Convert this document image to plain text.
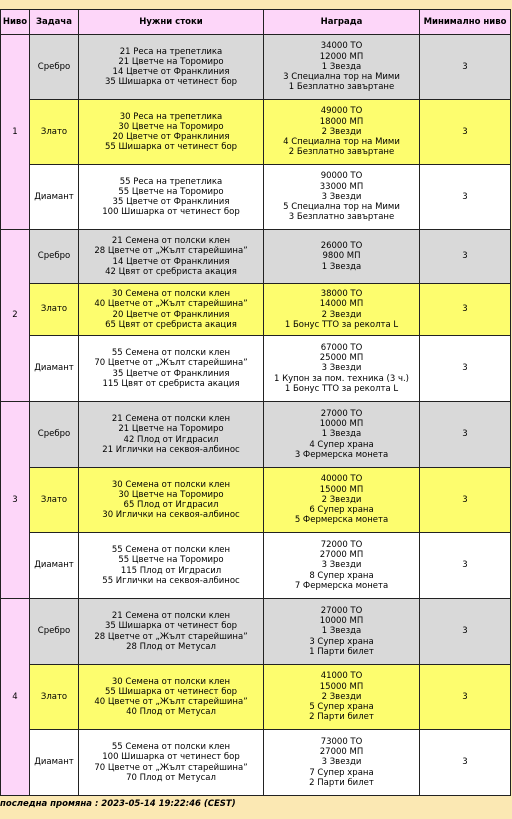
Ниво	Задача	Нужни стоки	Награда	Минимално ниво
1	Сребро	21 Реса на трепетлика
21 Цветче на Торомиро
14 Цветче от Франклиния
35 Шишарка от четинест бор	34000 ТО
12000 МП
1 Звезда
3 Специална тор на Мими
1 Безплатно завъртане	3
	Злато	30 Реса на трепетлика
30 Цветче на Торомиро
20 Цветче от Франклиния
55 Шишарка от четинест бор	49000 ТО
18000 МП
2 Звезди
4 Специална тор на Мими
2 Безплатно завъртане	3
	Диамант	55 Реса на трепетлика
55 Цветче на Торомиро
35 Цветче от Франклиния
100 Шишарка от четинест бор	90000 ТО
33000 МП
3 Звезди
5 Специална тор на Мими
3 Безплатно завъртане	3
2	Сребро	21 Семена от полски клен
28 Цветче от „Жълт старейшина”
14 Цветче от Франклиния
42 Цвят от сребриста акация	26000 ТО
9800 МП
1 Звезда	3
	Злато	30 Семена от полски клен
40 Цветче от „Жълт старейшина”
20 Цветче от Франклиния
65 Цвят от сребриста акация	38000 ТО
14000 МП
2 Звезди
1 Бонус ТТО за реколта L	3
	Диамант	55 Семена от полски клен
70 Цветче от „Жълт старейшина”
35 Цветче от Франклиния
115 Цвят от сребриста акация	67000 ТО
25000 МП
3 Звезди
1 Купон за пом. техника (3 ч.)
1 Бонус ТТО за реколта L	3
3	Сребро	21 Семена от полски клен
21 Цветче на Торомиро
42 Плод от Игдрасил
21 Иглички на секвоя-албинос	27000 ТО
10000 МП
1 Звезда
4 Супер храна
3 Фермерска монета	3
	Злато	30 Семена от полски клен
30 Цветче на Торомиро
65 Плод от Игдрасил
30 Иглички на секвоя-албинос	40000 ТО
15000 МП
2 Звезди
6 Супер храна
5 Фермерска монета	3
	Диамант	55 Семена от полски клен
55 Цветче на Торомиро
115 Плод от Игдрасил
55 Иглички на секвоя-албинос	72000 ТО
27000 МП
3 Звезди
8 Супер храна
7 Фермерска монета	3
4	Сребро	21 Семена от полски клен
35 Шишарка от четинест бор
28 Цветче от „Жълт старейшина”
28 Плод от Метусал	27000 ТО
10000 МП
1 Звезда
3 Супер храна
1 Парти билет	3
	Злато	30 Семена от полски клен
55 Шишарка от четинест бор
40 Цветче от „Жълт старейшина”
40 Плод от Метусал	41000 ТО
15000 МП
2 Звезди
5 Супер храна
2 Парти билет	3
	Диамант	55 Семена от полски клен
100 Шишарка от четинест бор
70 Цветче от „Жълт старейшина”
70 Плод от Метусал	73000 ТО
27000 МП
3 Звезди
7 Супер храна
2 Парти билет	3
последна промяна : 2023-05-14 19:22:46 (CEST)
